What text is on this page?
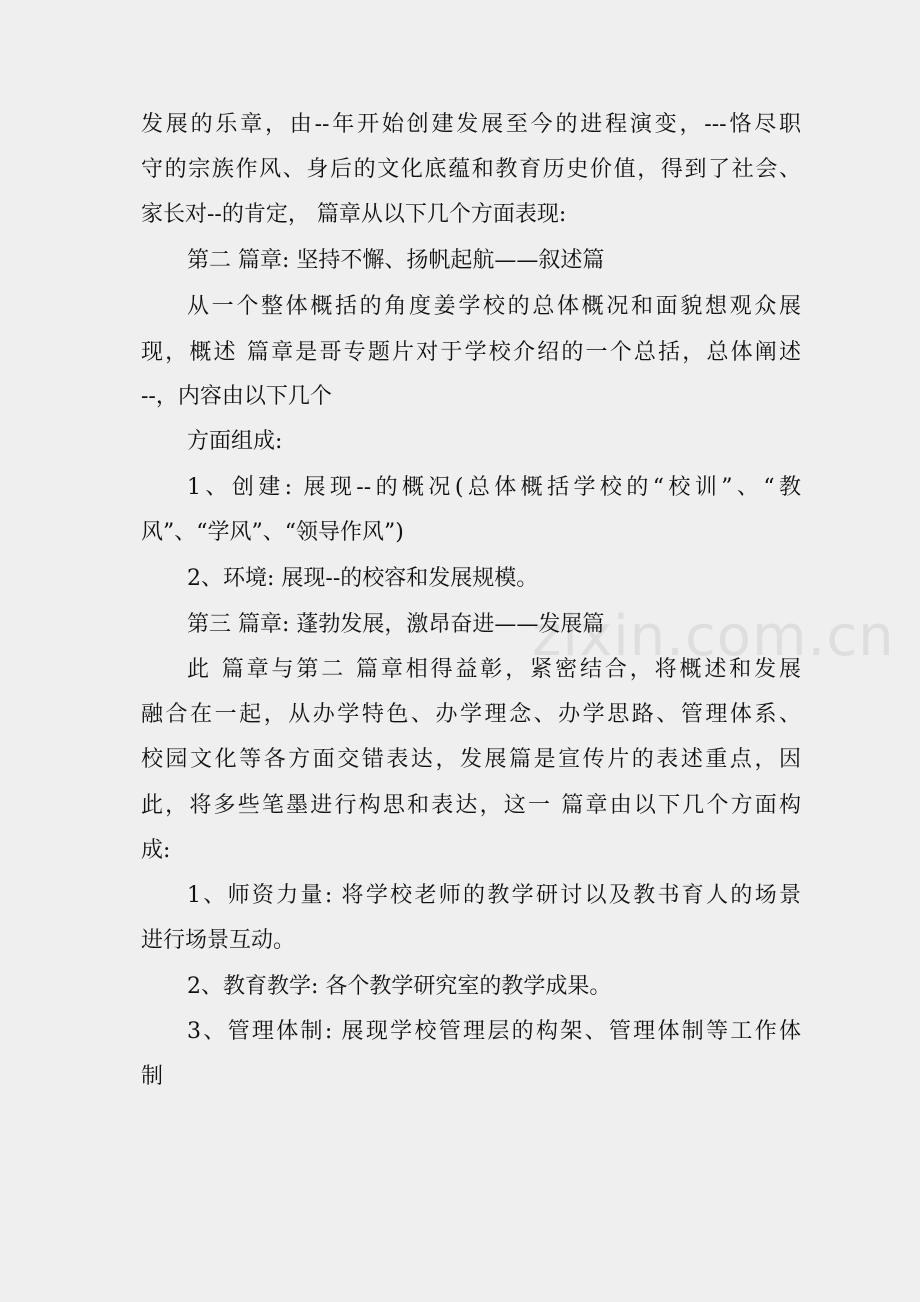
发展的乐章，由--年开始创建发展至今的进程演变，---恪尽职
守的宗族作风、身后的文化底蕴和教育历史价值，得到了社会、
家长对--的肯定， 篇章从以下几个方面表现:
第二 篇章: 坚持不懈、扬帆起航——叙述篇
从一个整体概括的角度姜学校的总体概况和面貌想观众展
现，概述 篇章是哥专题片对于学校介绍的一个总括，总体阐述
--，内容由以下几个
方面组成:
1、创建: 展现--的概况(总体概括学校的“校训”、“教
风”、“学风”、“领导作风”)
2、环境: 展现--的校容和发展规模。
第三 篇章: 蓬勃发展，激昂奋进——发展篇
此 篇章与第二 篇章相得益彰，紧密结合，将概述和发展
融合在一起，从办学特色、办学理念、办学思路、管理体系、
校园文化等各方面交错表达，发展篇是宣传片的表述重点，因
此，将多些笔墨进行构思和表达，这一 篇章由以下几个方面构
成:
1、师资力量: 将学校老师的教学研讨以及教书育人的场景
进行场景互动。
2、教育教学: 各个教学研究室的教学成果。
3、管理体制: 展现学校管理层的构架、管理体制等工作体
制
zixin.com.cn
